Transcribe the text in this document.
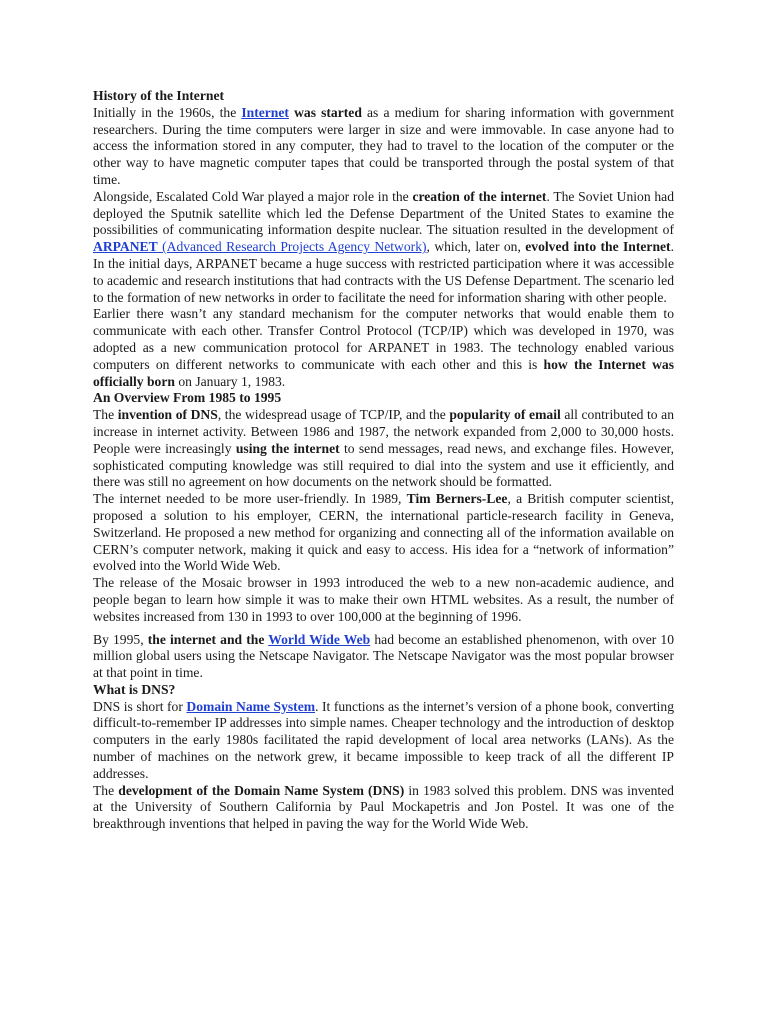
History of the Internet

Initially in the 1960s, the Internet was started as a medium for sharing information with government researchers. During the time computers were larger in size and were immovable. In case anyone had to access the information stored in any computer, they had to travel to the location of the computer or the other way to have magnetic computer tapes that could be transported through the postal system of that time.

Alongside, Escalated Cold War played a major role in the creation of the internet. The Soviet Union had deployed the Sputnik satellite which led the Defense Department of the United States to examine the possibilities of communicating information despite nuclear. The situation resulted in the development of ARPANET (Advanced Research Projects Agency Network), which, later on, evolved into the Internet. In the initial days, ARPANET became a huge success with restricted participation where it was accessible to academic and research institutions that had contracts with the US Defense Department. The scenario led to the formation of new networks in order to facilitate the need for information sharing with other people.

Earlier there wasn’t any standard mechanism for the computer networks that would enable them to communicate with each other. Transfer Control Protocol (TCP/IP) which was developed in 1970, was adopted as a new communication protocol for ARPANET in 1983. The technology enabled various computers on different networks to communicate with each other and this is how the Internet was officially born on January 1, 1983.

An Overview From 1985 to 1995

The invention of DNS, the widespread usage of TCP/IP, and the popularity of email all contributed to an increase in internet activity. Between 1986 and 1987, the network expanded from 2,000 to 30,000 hosts. People were increasingly using the internet to send messages, read news, and exchange files. However, sophisticated computing knowledge was still required to dial into the system and use it efficiently, and there was still no agreement on how documents on the network should be formatted.

The internet needed to be more user-friendly. In 1989, Tim Berners-Lee, a British computer scientist, proposed a solution to his employer, CERN, the international particle-research facility in Geneva, Switzerland. He proposed a new method for organizing and connecting all of the information available on CERN’s computer network, making it quick and easy to access. His idea for a “network of information” evolved into the World Wide Web.

The release of the Mosaic browser in 1993 introduced the web to a new non-academic audience, and people began to learn how simple it was to make their own HTML websites. As a result, the number of websites increased from 130 in 1993 to over 100,000 at the beginning of 1996.

By 1995, the internet and the World Wide Web had become an established phenomenon, with over 10 million global users using the Netscape Navigator. The Netscape Navigator was the most popular browser at that point in time.

What is DNS?

DNS is short for Domain Name System. It functions as the internet’s version of a phone book, converting difficult-to-remember IP addresses into simple names. Cheaper technology and the introduction of desktop computers in the early 1980s facilitated the rapid development of local area networks (LANs). As the number of machines on the network grew, it became impossible to keep track of all the different IP addresses.

The development of the Domain Name System (DNS) in 1983 solved this problem. DNS was invented at the University of Southern California by Paul Mockapetris and Jon Postel. It was one of the breakthrough inventions that helped in paving the way for the World Wide Web.
